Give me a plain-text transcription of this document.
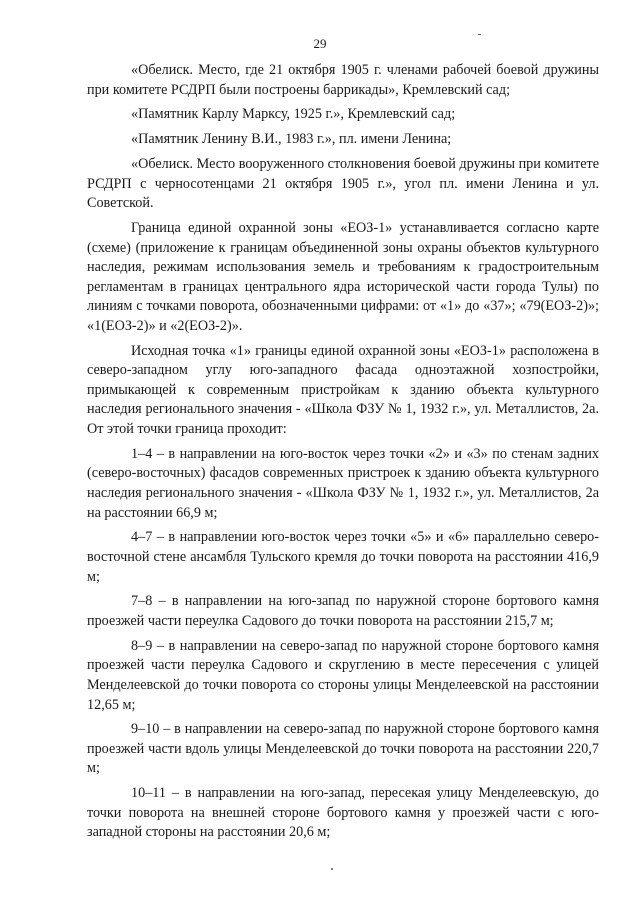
29

«Обелиск. Место, где 21 октября 1905 г. членами рабочей боевой дружины при комитете РСДРП были построены баррикады», Кремлевский сад;

«Памятник Карлу Марксу, 1925 г.», Кремлевский сад;

«Памятник Ленину В.И., 1983 г.», пл. имени Ленина;

«Обелиск. Место вооруженного столкновения боевой дружины при комитете РСДРП с черносотенцами 21 октября 1905 г.», угол пл. имени Ленина и ул. Советской.

Граница единой охранной зоны «ЕОЗ-1» устанавливается согласно карте (схеме) (приложение к границам объединенной зоны охраны объектов культурного наследия, режимам использования земель и требованиям к градостроительным регламентам в границах центрального ядра исторической части города Тулы) по линиям с точками поворота, обозначенными цифрами: от «1» до «37»; «79(ЕОЗ-2)»; «1(ЕОЗ-2)» и «2(ЕОЗ-2)».

Исходная точка «1» границы единой охранной зоны «ЕОЗ-1» расположена в северо-западном углу юго-западного фасада одноэтажной хозпостройки, примыкающей к современным пристройкам к зданию объекта культурного наследия регионального значения - «Школа ФЗУ № 1, 1932 г.», ул. Металлистов, 2а. От этой точки граница проходит:

1–4 – в направлении на юго-восток через точки «2» и «3» по стенам задних (северо-восточных) фасадов современных пристроек к зданию объекта культурного наследия регионального значения - «Школа ФЗУ № 1, 1932 г.», ул. Металлистов, 2а на расстоянии 66,9 м;

4–7 – в направлении юго-восток через точки «5» и «6» параллельно северо-восточной стене ансамбля Тульского кремля до точки поворота на расстоянии 416,9 м;

7–8 – в направлении на юго-запад по наружной стороне бортового камня проезжей части переулка Садового до точки поворота на расстоянии 215,7 м;

8–9 – в направлении на северо-запад по наружной стороне бортового камня проезжей части переулка Садового и скруглению в месте пересечения с улицей Менделеевской до точки поворота со стороны улицы Менделеевской на расстоянии 12,65 м;

9–10 – в направлении на северо-запад по наружной стороне бортового камня проезжей части вдоль улицы Менделеевской до точки поворота на расстоянии 220,7 м;

10–11 – в направлении на юго-запад, пересекая улицу Менделеевскую, до точки поворота на внешней стороне бортового камня у проезжей части с юго-западной стороны на расстоянии 20,6 м;
